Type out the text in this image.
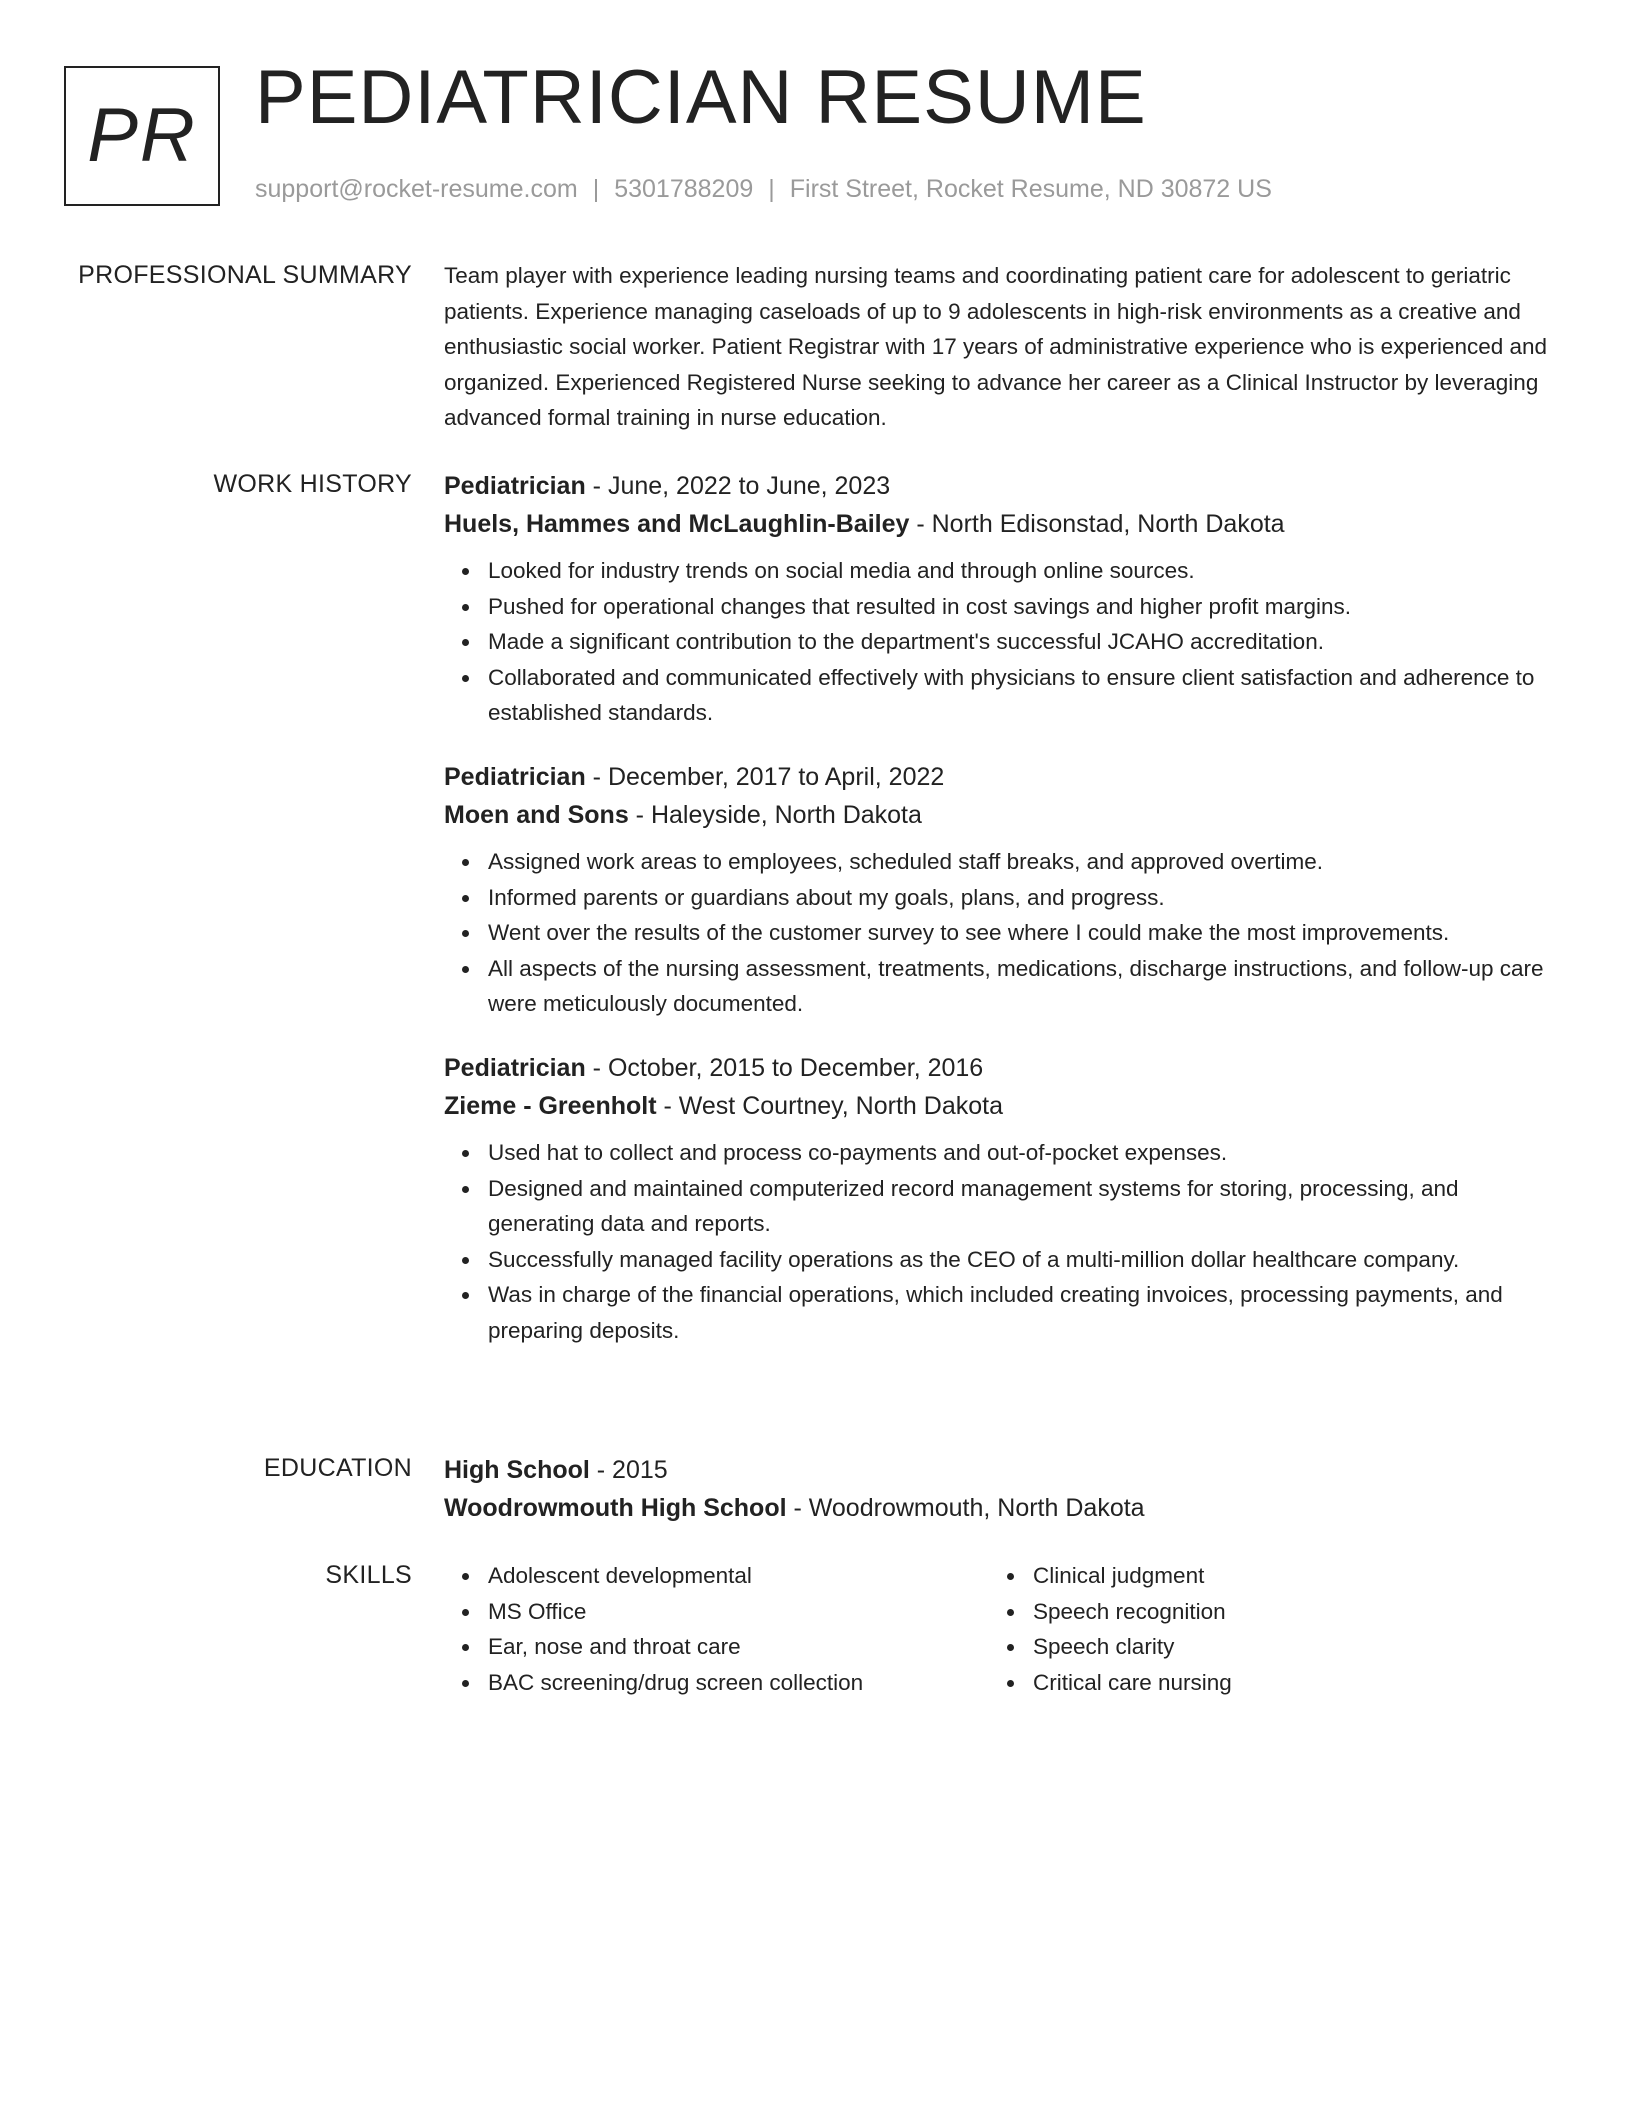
PR PEDIATRICIAN RESUME
support@rocket-resume.com | 5301788209 | First Street, Rocket Resume, ND 30872 US
PROFESSIONAL SUMMARY Team player with experience leading nursing teams and coordinating patient care for adolescent to geriatric patients. Experience managing caseloads of up to 9 adolescents in high-risk environments as a creative and enthusiastic social worker. Patient Registrar with 17 years of administrative experience who is experienced and organized. Experienced Registered Nurse seeking to advance her career as a Clinical Instructor by leveraging advanced formal training in nurse education.

WORK HISTORY Pediatrician - June, 2022 to June, 2023
Huels, Hammes and McLaughlin-Bailey - North Edisonstad, North Dakota
Looked for industry trends on social media and through online sources.
Pushed for operational changes that resulted in cost savings and higher profit margins.
Made a significant contribution to the department's successful JCAHO accreditation.
Collaborated and communicated effectively with physicians to ensure client satisfaction and adherence to established standards.
Pediatrician - December, 2017 to April, 2022
Moen and Sons - Haleyside, North Dakota
Assigned work areas to employees, scheduled staff breaks, and approved overtime.
Informed parents or guardians about my goals, plans, and progress.
Went over the results of the customer survey to see where I could make the most improvements.
All aspects of the nursing assessment, treatments, medications, discharge instructions, and follow-up care were meticulously documented.
Pediatrician - October, 2015 to December, 2016
Zieme - Greenholt - West Courtney, North Dakota
Used hat to collect and process co-payments and out-of-pocket expenses.
Designed and maintained computerized record management systems for storing, processing, and generating data and reports.
Successfully managed facility operations as the CEO of a multi-million dollar healthcare company.
Was in charge of the financial operations, which included creating invoices, processing payments, and preparing deposits.
EDUCATION High School - 2015
Woodrowmouth High School - Woodrowmouth, North Dakota
SKILLS	Adolescent developmental
MS Office
Ear, nose and throat care
BAC screening/drug screen collection
Clinical judgment
Speech recognition
Speech clarity
Critical care nursing
